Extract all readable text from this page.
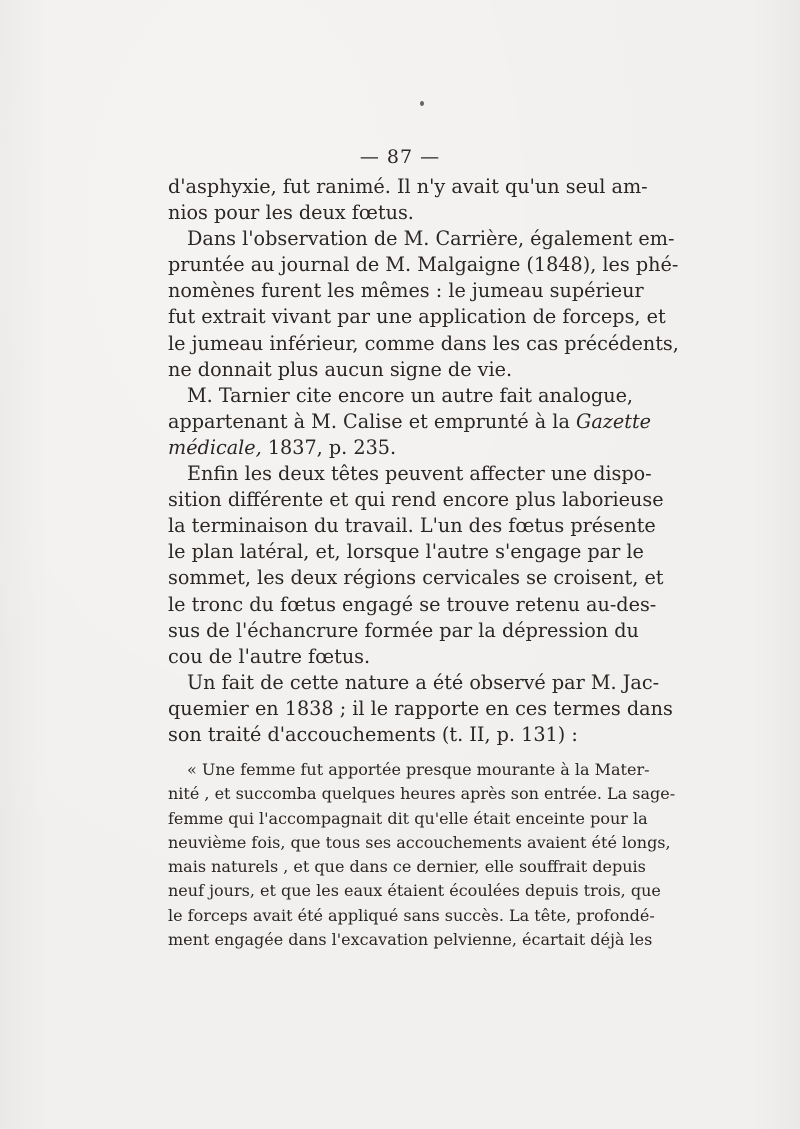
— 87 —
d'asphyxie, fut ranimé. Il n'y avait qu'un seul am-
nios pour les deux fœtus.
Dans l'observation de M. Carrière, également em-
pruntée au journal de M. Malgaigne (1848), les phé-
nomènes furent les mêmes : le jumeau supérieur
fut extrait vivant par une application de forceps, et
le jumeau inférieur, comme dans les cas précédents,
ne donnait plus aucun signe de vie.
M. Tarnier cite encore un autre fait analogue,
appartenant à M. Calise et emprunté à la Gazette
médicale, 1837, p. 235.
Enfin les deux têtes peuvent affecter une dispo-
sition différente et qui rend encore plus laborieuse
la terminaison du travail. L'un des fœtus présente
le plan latéral, et, lorsque l'autre s'engage par le
sommet, les deux régions cervicales se croisent, et
le tronc du fœtus engagé se trouve retenu au-des-
sus de l'échancrure formée par la dépression du
cou de l'autre fœtus.
Un fait de cette nature a été observé par M. Jac-
quemier en 1838 ; il le rapporte en ces termes dans
son traité d'accouchements (t. II, p. 131) :
« Une femme fut apportée presque mourante à la Mater-
nité , et succomba quelques heures après son entrée. La sage-
femme qui l'accompagnait dit qu'elle était enceinte pour la
neuvième fois, que tous ses accouchements avaient été longs,
mais naturels , et que dans ce dernier, elle souffrait depuis
neuf jours, et que les eaux étaient écoulées depuis trois, que
le forceps avait été appliqué sans succès. La tête, profondé-
ment engagée dans l'excavation pelvienne, écartait déjà les
